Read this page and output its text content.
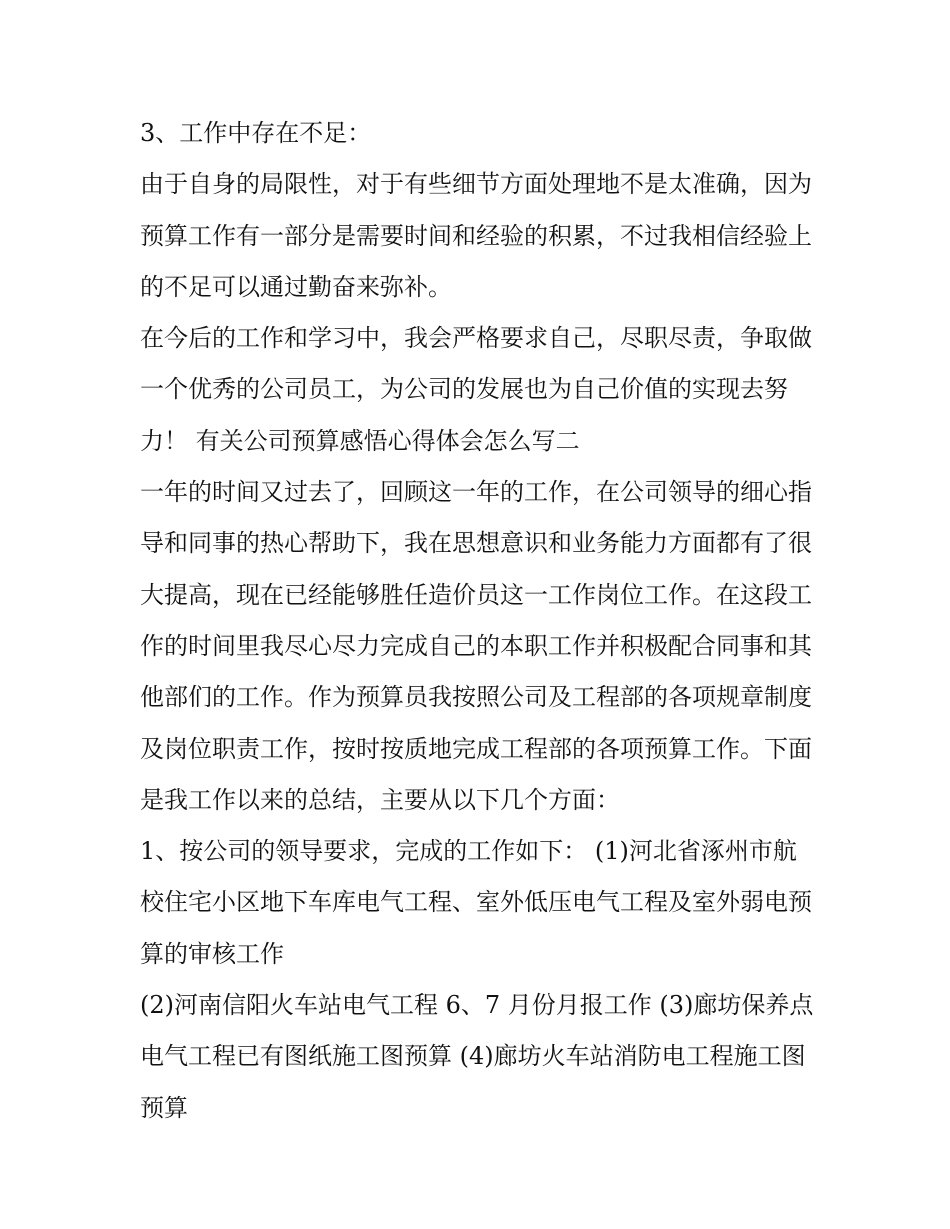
3、工作中存在不足：

由于自身的局限性，对于有些细节方面处理地不是太准确，因为预算工作有一部分是需要时间和经验的积累，不过我相信经验上的不足可以通过勤奋来弥补。

在今后的工作和学习中，我会严格要求自己，尽职尽责，争取做一个优秀的公司员工，为公司的发展也为自己价值的实现去努力！ 有关公司预算感悟心得体会怎么写二

一年的时间又过去了，回顾这一年的工作，在公司领导的细心指导和同事的热心帮助下，我在思想意识和业务能力方面都有了很大提高，现在已经能够胜任造价员这一工作岗位工作。在这段工作的时间里我尽心尽力完成自己的本职工作并积极配合同事和其他部们的工作。作为预算员我按照公司及工程部的各项规章制度及岗位职责工作，按时按质地完成工程部的各项预算工作。下面是我工作以来的总结，主要从以下几个方面：

1、按公司的领导要求，完成的工作如下： (1)河北省涿州市航校住宅小区地下车库电气工程、室外低压电气工程及室外弱电预算的审核工作

(2)河南信阳火车站电气工程 6、7 月份月报工作 (3)廊坊保养点电气工程已有图纸施工图预算 (4)廊坊火车站消防电工程施工图预算
